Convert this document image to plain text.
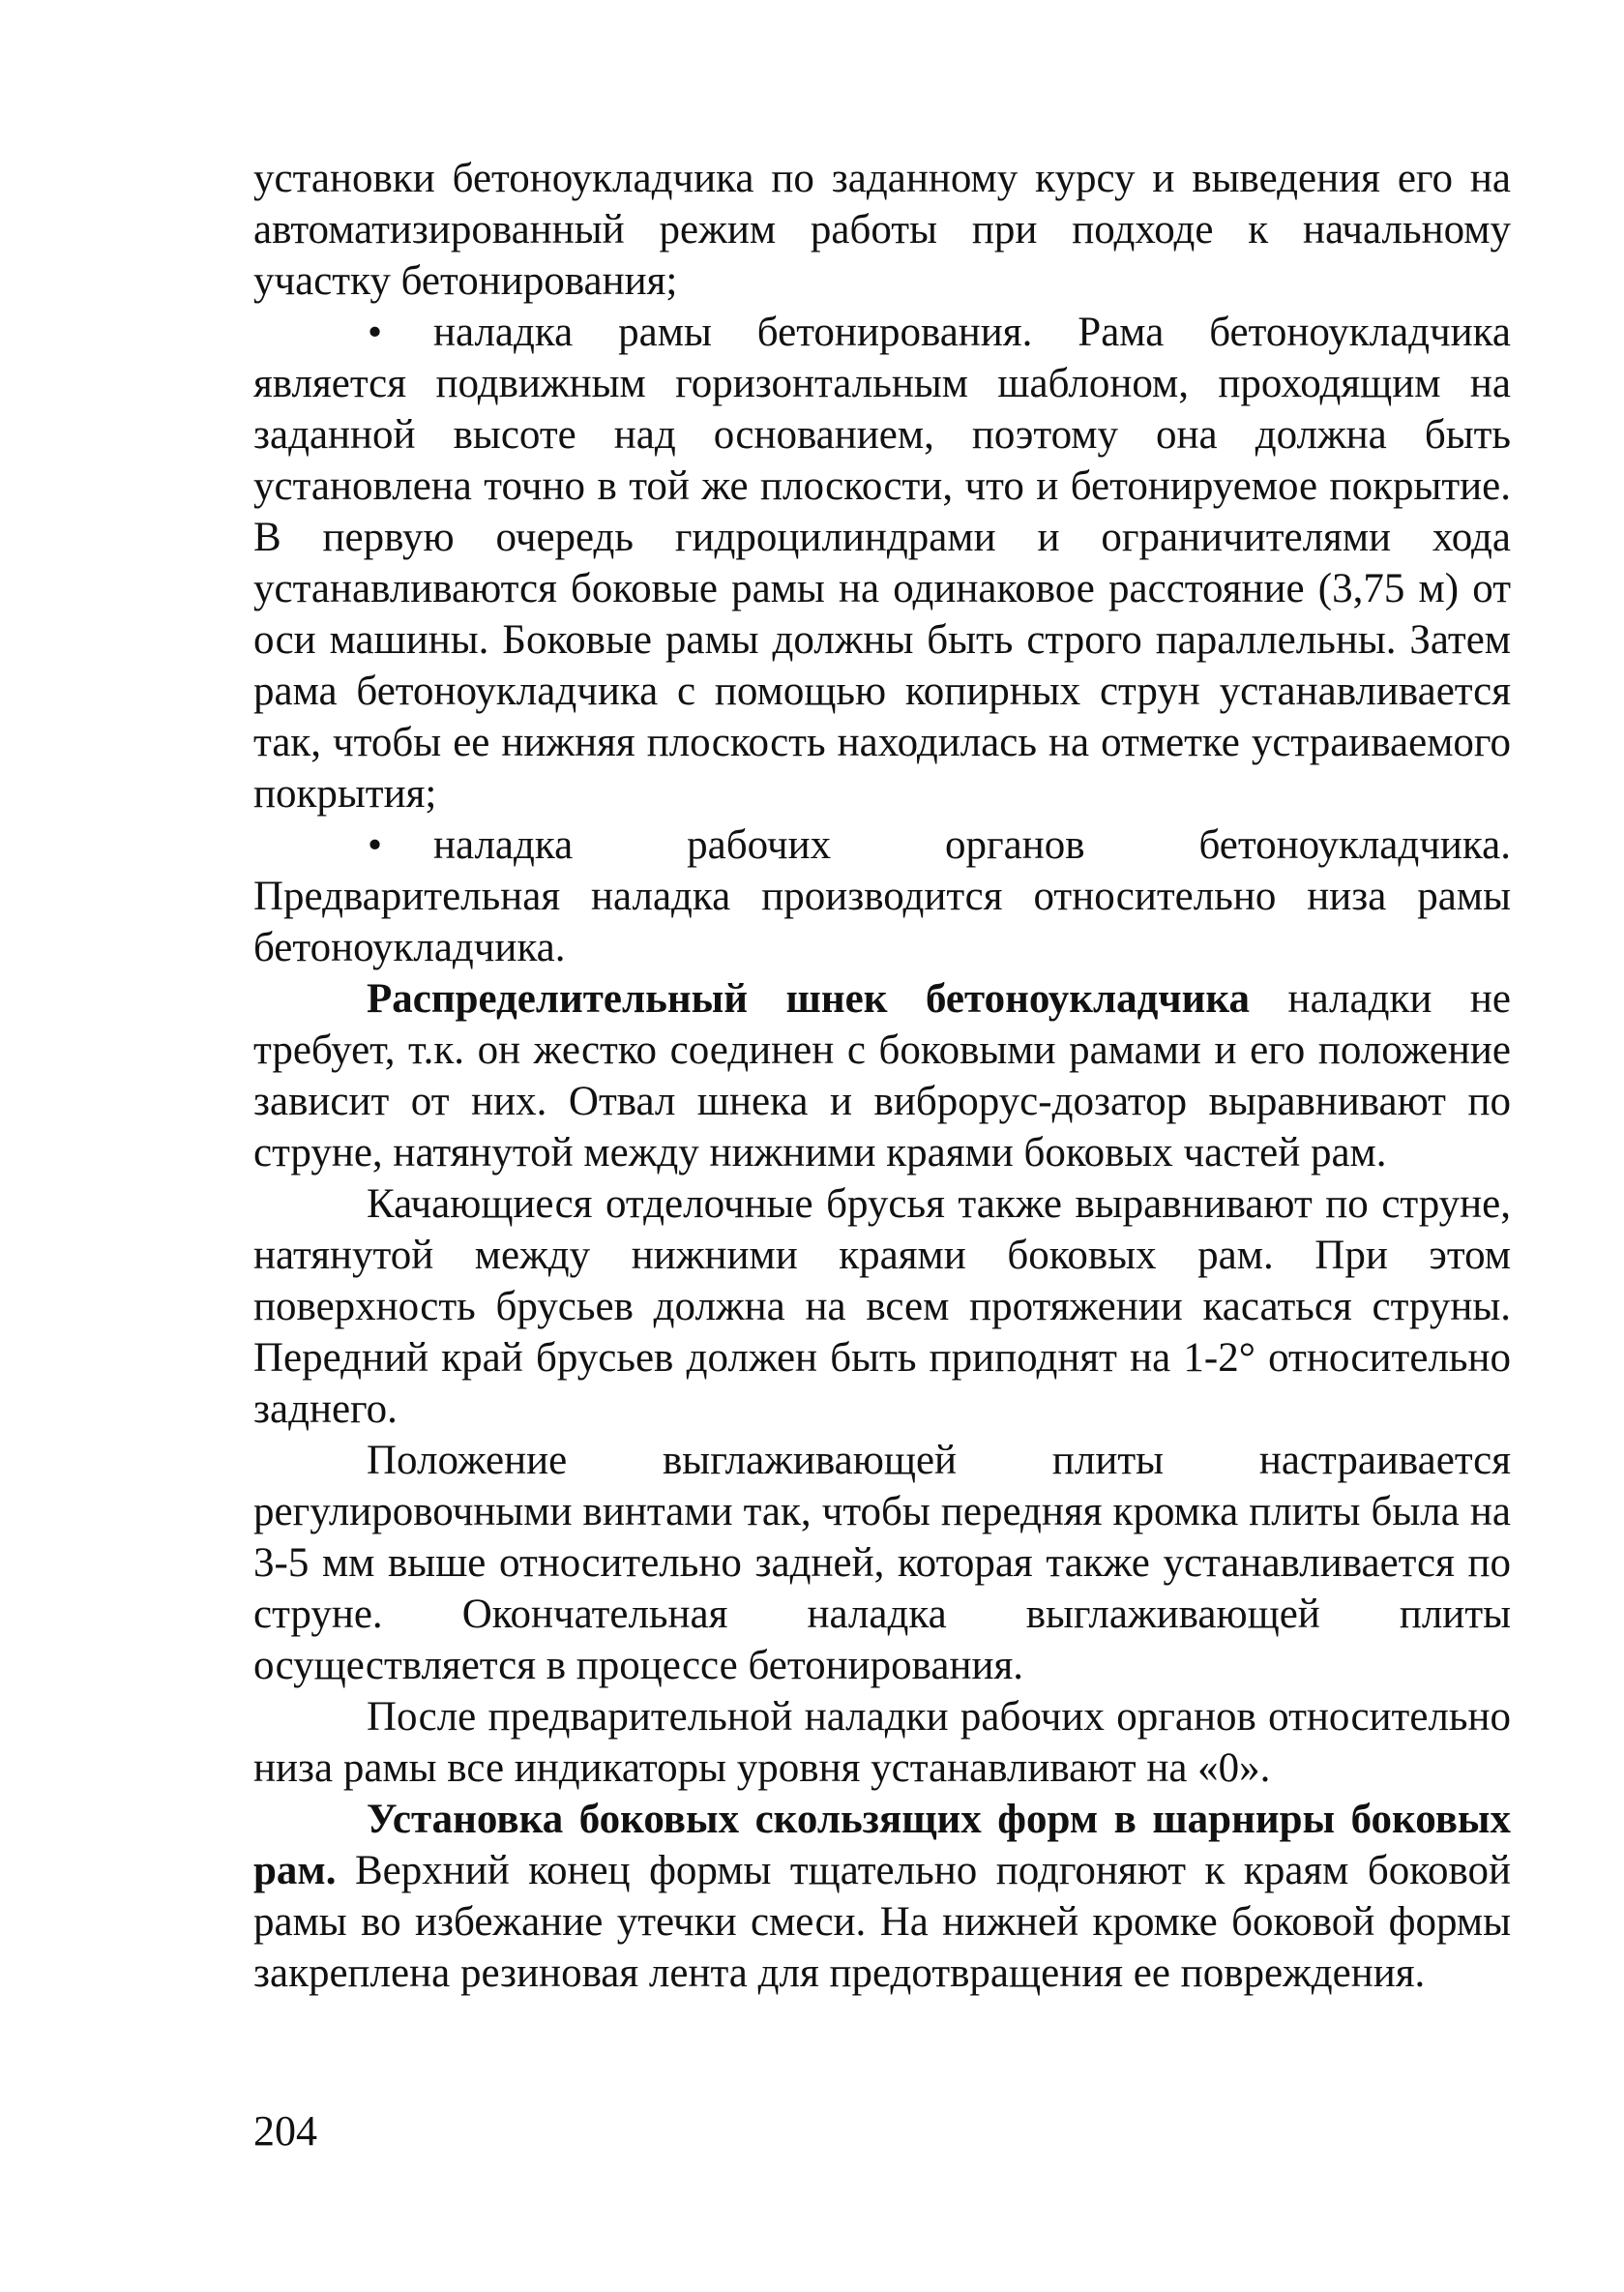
установки бетоноукладчика по заданному курсу и выведения его на автоматизированный режим работы при подходе к начальному участку бетонирования;

• наладка рамы бетонирования. Рама бетоноукладчика является подвижным горизонтальным шаблоном, проходящим на заданной высоте над основанием, поэтому она должна быть установлена точно в той же плоскости, что и бетонируемое покрытие. В первую очередь гидроцилиндрами и ограничителями хода устанавливаются боковые рамы на одинаковое расстояние (3,75 м) от оси машины. Боковые рамы должны быть строго параллельны. Затем рама бетоноукладчика с помощью копирных струн устанавливается так, чтобы ее нижняя плоскость находилась на отметке устраиваемого покрытия;

• наладка рабочих органов бетоноукладчика. Предварительная наладка производится относительно низа рамы бетоноукладчика.

Распределительный шнек бетоноукладчика наладки не требует, т.к. он жестко соединен с боковыми рамами и его положение зависит от них. Отвал шнека и виброрус-дозатор выравнивают по струне, натянутой между нижними краями боковых частей рам.

Качающиеся отделочные брусья также выравнивают по струне, натянутой между нижними краями боковых рам. При этом поверхность брусьев должна на всем протяжении касаться струны. Передний край брусьев должен быть приподнят на 1-2° относительно заднего.

Положение выглаживающей плиты настраивается регулировочными винтами так, чтобы передняя кромка плиты была на 3-5 мм выше относительно задней, которая также устанавливается по струне. Окончательная наладка выглаживающей плиты осуществляется в процессе бетонирования.

После предварительной наладки рабочих органов относительно низа рамы все индикаторы уровня устанавливают на «0».

Установка боковых скользящих форм в шарниры боковых рам. Верхний конец формы тщательно подгоняют к краям боковой рамы во избежание утечки смеси. На нижней кромке боковой формы закреплена резиновая лента для предотвращения ее повреждения.

204
